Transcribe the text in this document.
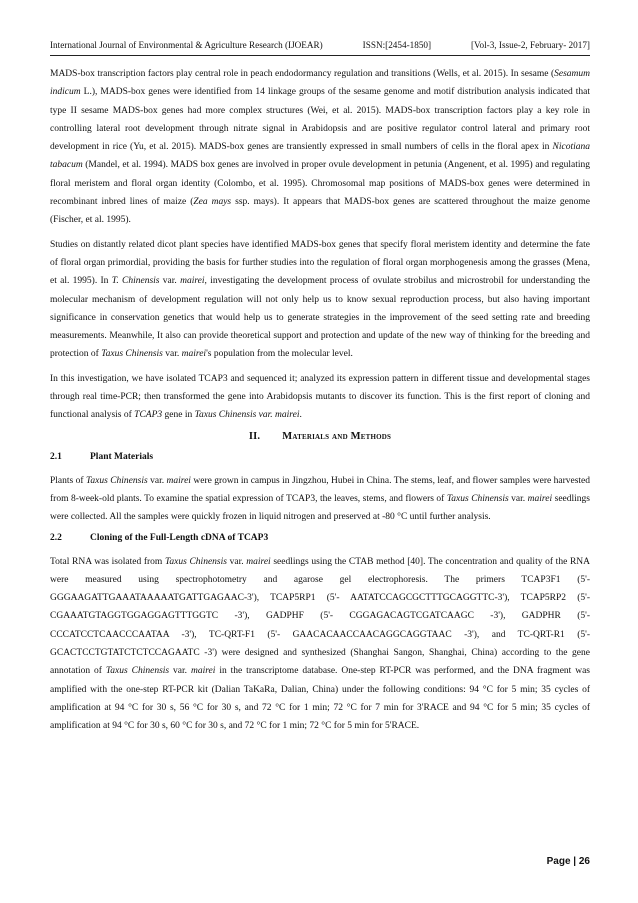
International Journal of Environmental & Agriculture Research (IJOEAR)	ISSN:[2454-1850]	[Vol-3, Issue-2, February- 2017]

MADS-box transcription factors play central role in peach endodormancy regulation and transitions (Wells, et al. 2015). In sesame (Sesamum indicum L.), MADS-box genes were identified from 14 linkage groups of the sesame genome and motif distribution analysis indicated that type II sesame MADS-box genes had more complex structures (Wei, et al. 2015). MADS-box transcription factors play a key role in controlling lateral root development through nitrate signal in Arabidopsis and are positive regulator control lateral and primary root development in rice (Yu, et al. 2015). MADS-box genes are transiently expressed in small numbers of cells in the floral apex in Nicotiana tabacum (Mandel, et al. 1994). MADS box genes are involved in proper ovule development in petunia (Angenent, et al. 1995) and regulating floral meristem and floral organ identity (Colombo, et al. 1995). Chromosomal map positions of MADS-box genes were determined in recombinant inbred lines of maize (Zea mays ssp. mays). It appears that MADS-box genes are scattered throughout the maize genome (Fischer, et al. 1995).

Studies on distantly related dicot plant species have identified MADS-box genes that specify floral meristem identity and determine the fate of floral organ primordial, providing the basis for further studies into the regulation of floral organ morphogenesis among the grasses (Mena, et al. 1995). In T. Chinensis var. mairei, investigating the development process of ovulate strobilus and microstrobil for understanding the molecular mechanism of development regulation will not only help us to know sexual reproduction process, but also having important significance in conservation genetics that would help us to generate strategies in the improvement of the seed setting rate and breeding measurements. Meanwhile, It also can provide theoretical support and protection and update of the new way of thinking for the breeding and protection of Taxus Chinensis var. mairei's population from the molecular level.

In this investigation, we have isolated TCAP3 and sequenced it; analyzed its expression pattern in different tissue and developmental stages through real time-PCR; then transformed the gene into Arabidopsis mutants to discover its function. This is the first report of cloning and functional analysis of TCAP3 gene in Taxus Chinensis var. mairei.

II. Materials and Methods
2.1	Plant Materials

Plants of Taxus Chinensis var. mairei were grown in campus in Jingzhou, Hubei in China. The stems, leaf, and flower samples were harvested from 8-week-old plants. To examine the spatial expression of TCAP3, the leaves, stems, and flowers of Taxus Chinensis var. mairei seedlings were collected. All the samples were quickly frozen in liquid nitrogen and preserved at -80 °C until further analysis.

2.2	Cloning of the Full-Length cDNA of TCAP3

Total RNA was isolated from Taxus Chinensis var. mairei seedlings using the CTAB method [40]. The concentration and quality of the RNA were measured using spectrophotometry and agarose gel electrophoresis. The primers TCAP3F1 (5'-GGGAAGATTGAAATAAAAATGATTGAGAAC-3'), TCAP5RP1 (5'- AATATCCAGCGCTTTGCAGGTTC-3'), TCAP5RP2 (5'- CGAAATGTAGGTGGAGGAGTTTGGTC -3'), GADPHF (5'- CGGAGACAGTCGATCAAGC -3'), GADPHR (5'- CCCATCCTCAACCCAATAA -3'), TC-QRT-F1 (5'- GAACACAACCAACAGGCAGGTAAC -3'), and TC-QRT-R1 (5'- GCACTCCTGTATCTCTCCAGAATC -3') were designed and synthesized (Shanghai Sangon, Shanghai, China) according to the gene annotation of Taxus Chinensis var. mairei in the transcriptome database. One-step RT-PCR was performed, and the DNA fragment was amplified with the one-step RT-PCR kit (Dalian TaKaRa, Dalian, China) under the following conditions: 94 °C for 5 min; 35 cycles of amplification at 94 °C for 30 s, 56 °C for 30 s, and 72 °C for 1 min; 72 °C for 7 min for 3'RACE and 94 °C for 5 min; 35 cycles of amplification at 94 °C for 30 s, 60 °C for 30 s, and 72 °C for 1 min; 72 °C for 5 min for 5'RACE.

Page | 26
